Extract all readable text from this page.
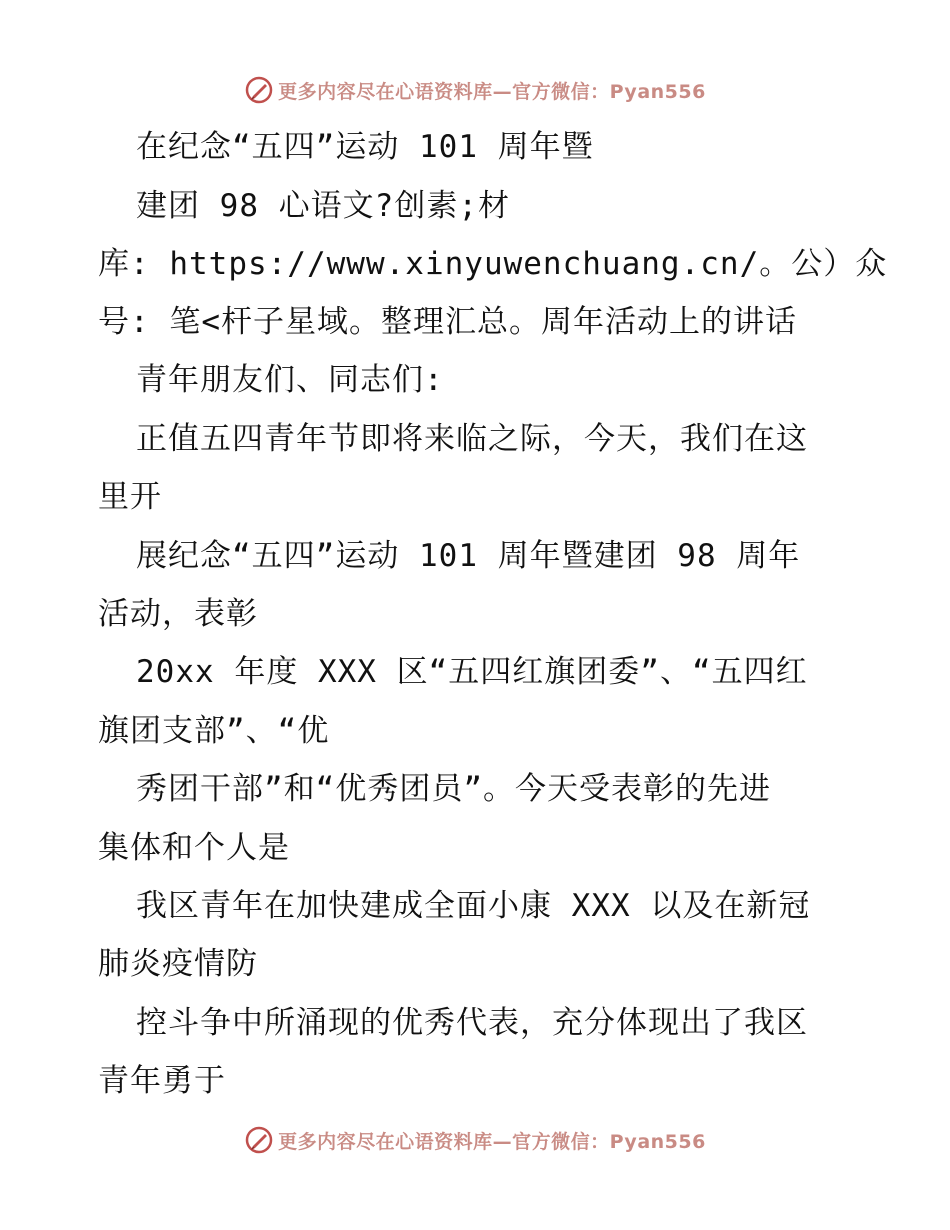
更多内容尽在心语资料库—官方微信：Pyan556
在纪念“五四”运动 101 周年暨
建团 98 心语文?创素;材
库: https://www.xinyuwenchuang.cn/。公）众
号: 笔<杆子星域。整理汇总。周年活动上的讲话
青年朋友们、同志们:
正值五四青年节即将来临之际，今天，我们在这
里开
展纪念“五四”运动 101 周年暨建团 98 周年
活动，表彰
20xx 年度 XXX 区“五四红旗团委”、“五四红
旗团支部”、“优
秀团干部”和“优秀团员”。今天受表彰的先进
集体和个人是
我区青年在加快建成全面小康 XXX 以及在新冠
肺炎疫情防
控斗争中所涌现的优秀代表，充分体现出了我区
青年勇于
更多内容尽在心语资料库—官方微信：Pyan556
